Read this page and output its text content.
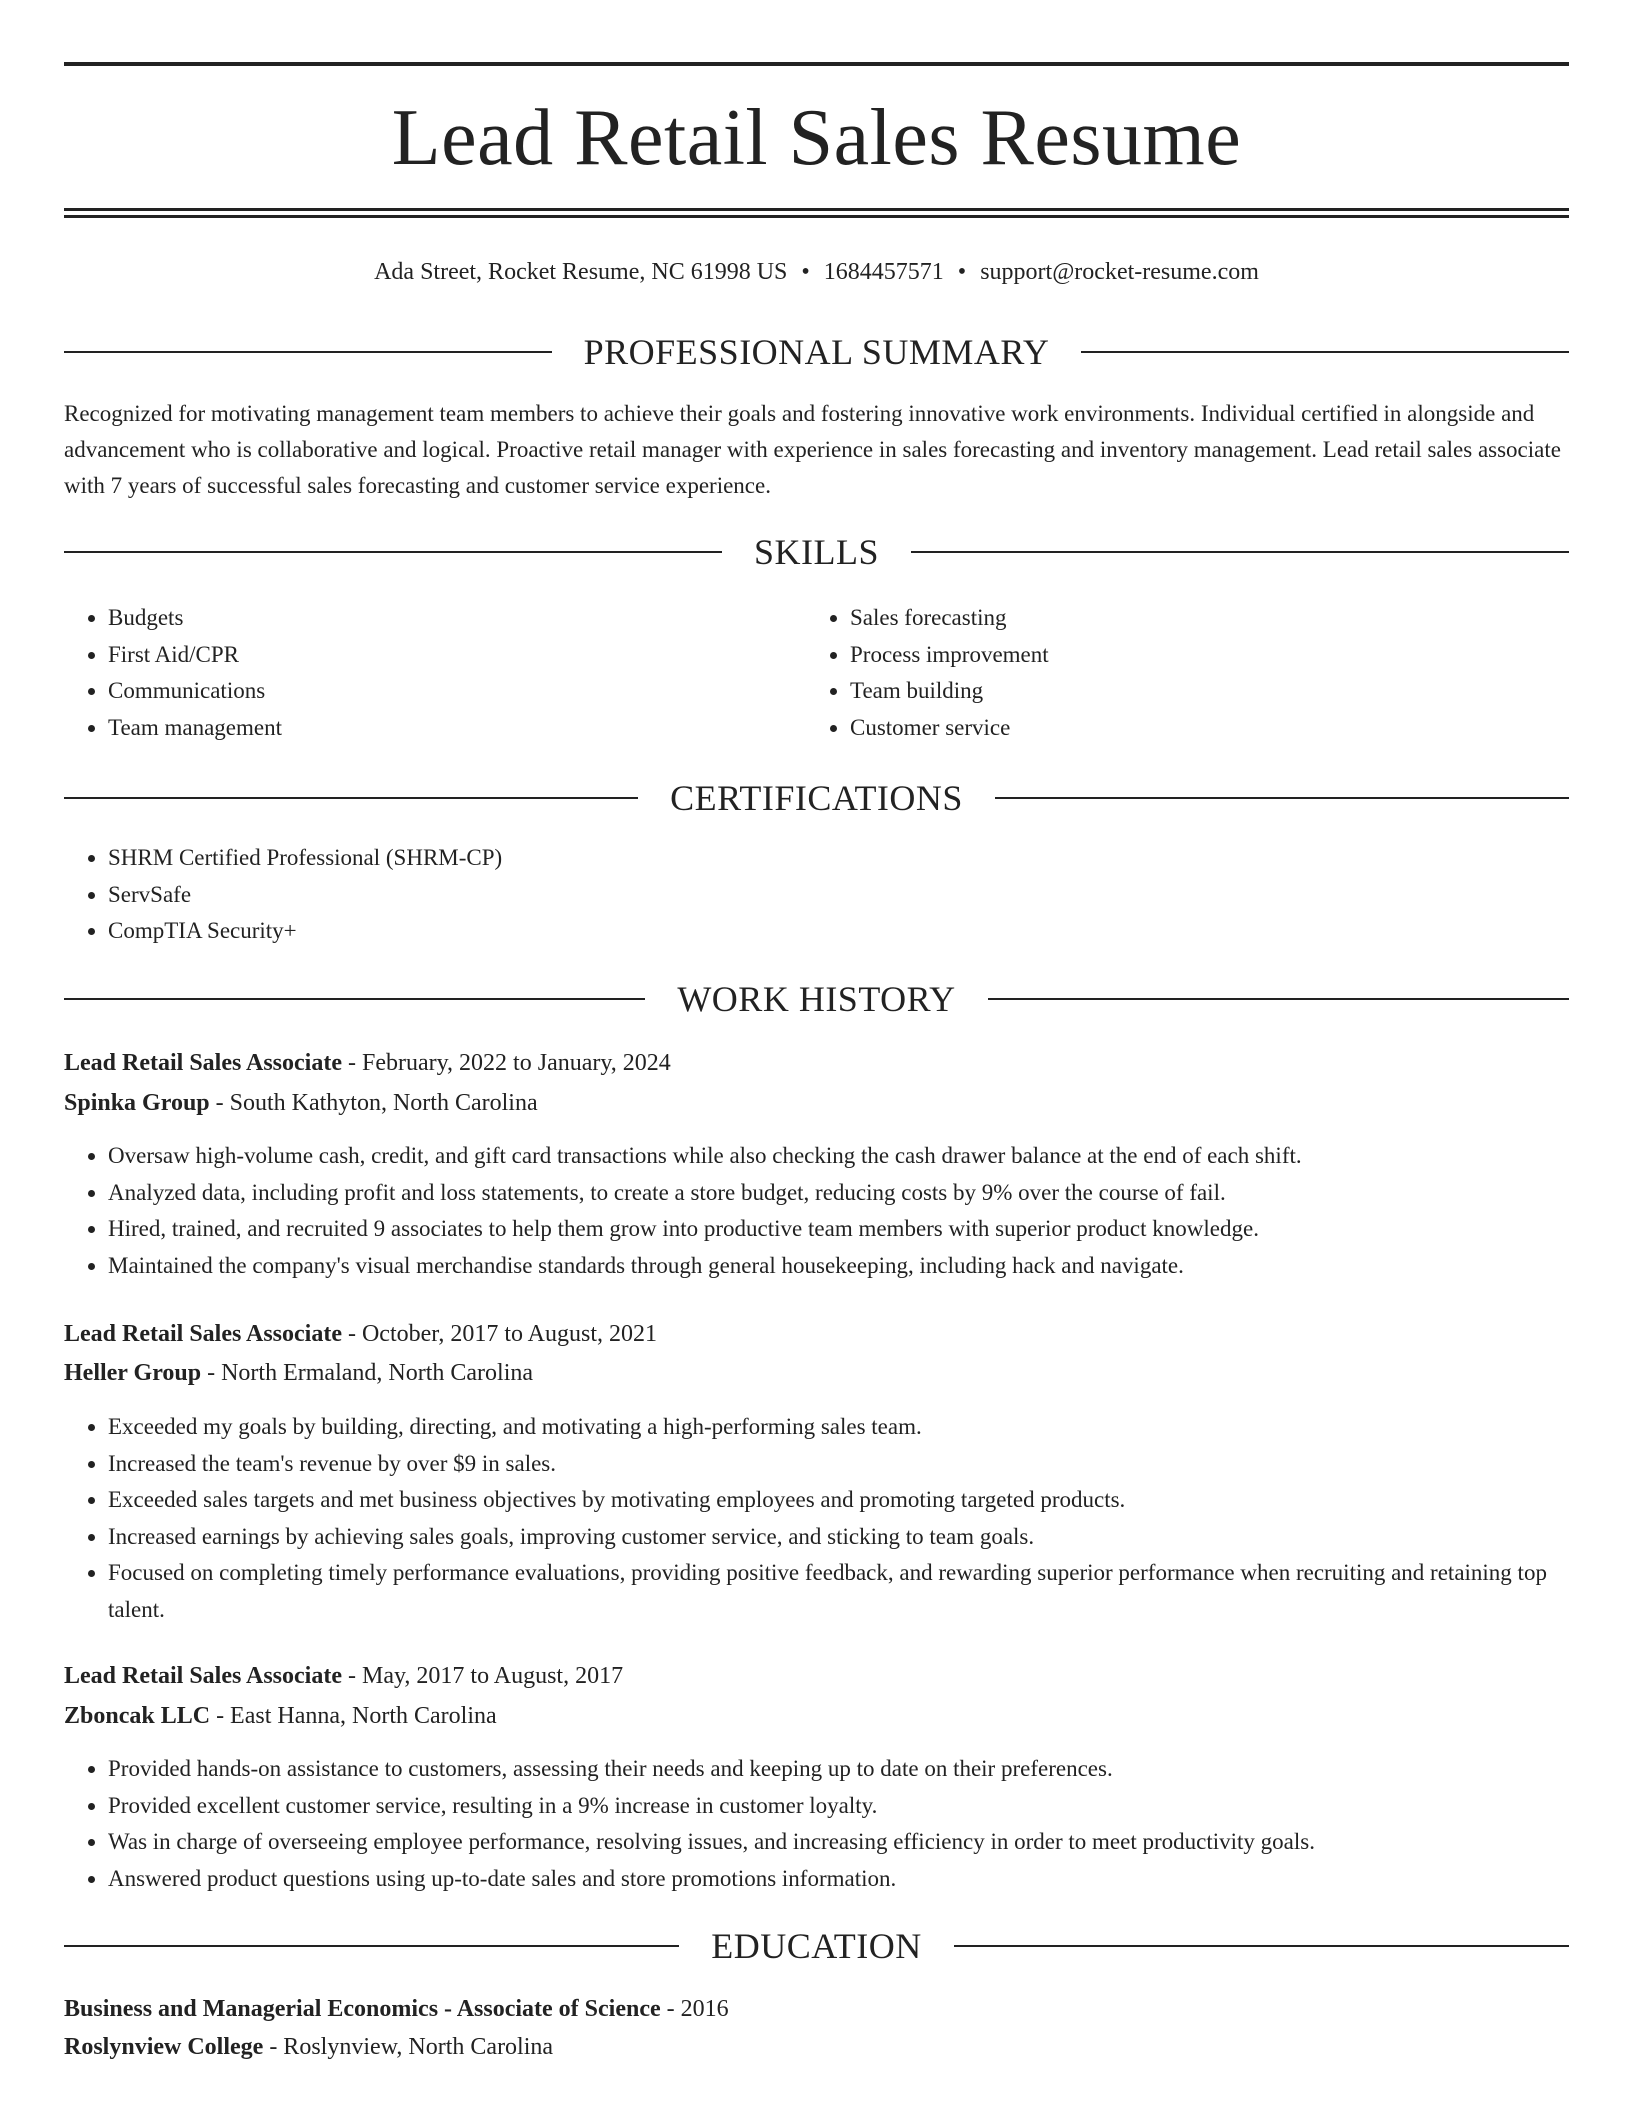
Lead Retail Sales Resume
Ada Street, Rocket Resume, NC 61998 US • 1684457571 • support@rocket-resume.com
PROFESSIONAL SUMMARY

Recognized for motivating management team members to achieve their goals and fostering innovative work environments. Individual certified in alongside and advancement who is collaborative and logical. Proactive retail manager with experience in sales forecasting and inventory management. Lead retail sales associate with 7 years of successful sales forecasting and customer service experience.

SKILLS
• Budgets
• First Aid/CPR
• Communications
• Team management
• Sales forecasting
• Process improvement
• Team building
• Customer service
CERTIFICATIONS
• SHRM Certified Professional (SHRM-CP)
• ServSafe
• CompTIA Security+
WORK HISTORY
Lead Retail Sales Associate - February, 2022 to January, 2024
Spinka Group - South Kathyton, North Carolina
• Oversaw high-volume cash, credit, and gift card transactions while also checking the cash drawer balance at the end of each shift.
• Analyzed data, including profit and loss statements, to create a store budget, reducing costs by 9% over the course of fail.
• Hired, trained, and recruited 9 associates to help them grow into productive team members with superior product knowledge.
• Maintained the company's visual merchandise standards through general housekeeping, including hack and navigate.
Lead Retail Sales Associate - October, 2017 to August, 2021
Heller Group - North Ermaland, North Carolina
• Exceeded my goals by building, directing, and motivating a high-performing sales team.
• Increased the team's revenue by over $9 in sales.
• Exceeded sales targets and met business objectives by motivating employees and promoting targeted products.
• Increased earnings by achieving sales goals, improving customer service, and sticking to team goals.
• Focused on completing timely performance evaluations, providing positive feedback, and rewarding superior performance when recruiting and retaining top talent.
Lead Retail Sales Associate - May, 2017 to August, 2017
Zboncak LLC - East Hanna, North Carolina
• Provided hands-on assistance to customers, assessing their needs and keeping up to date on their preferences.
• Provided excellent customer service, resulting in a 9% increase in customer loyalty.
• Was in charge of overseeing employee performance, resolving issues, and increasing efficiency in order to meet productivity goals.
• Answered product questions using up-to-date sales and store promotions information.
EDUCATION
Business and Managerial Economics - Associate of Science - 2016
Roslynview College - Roslynview, North Carolina
